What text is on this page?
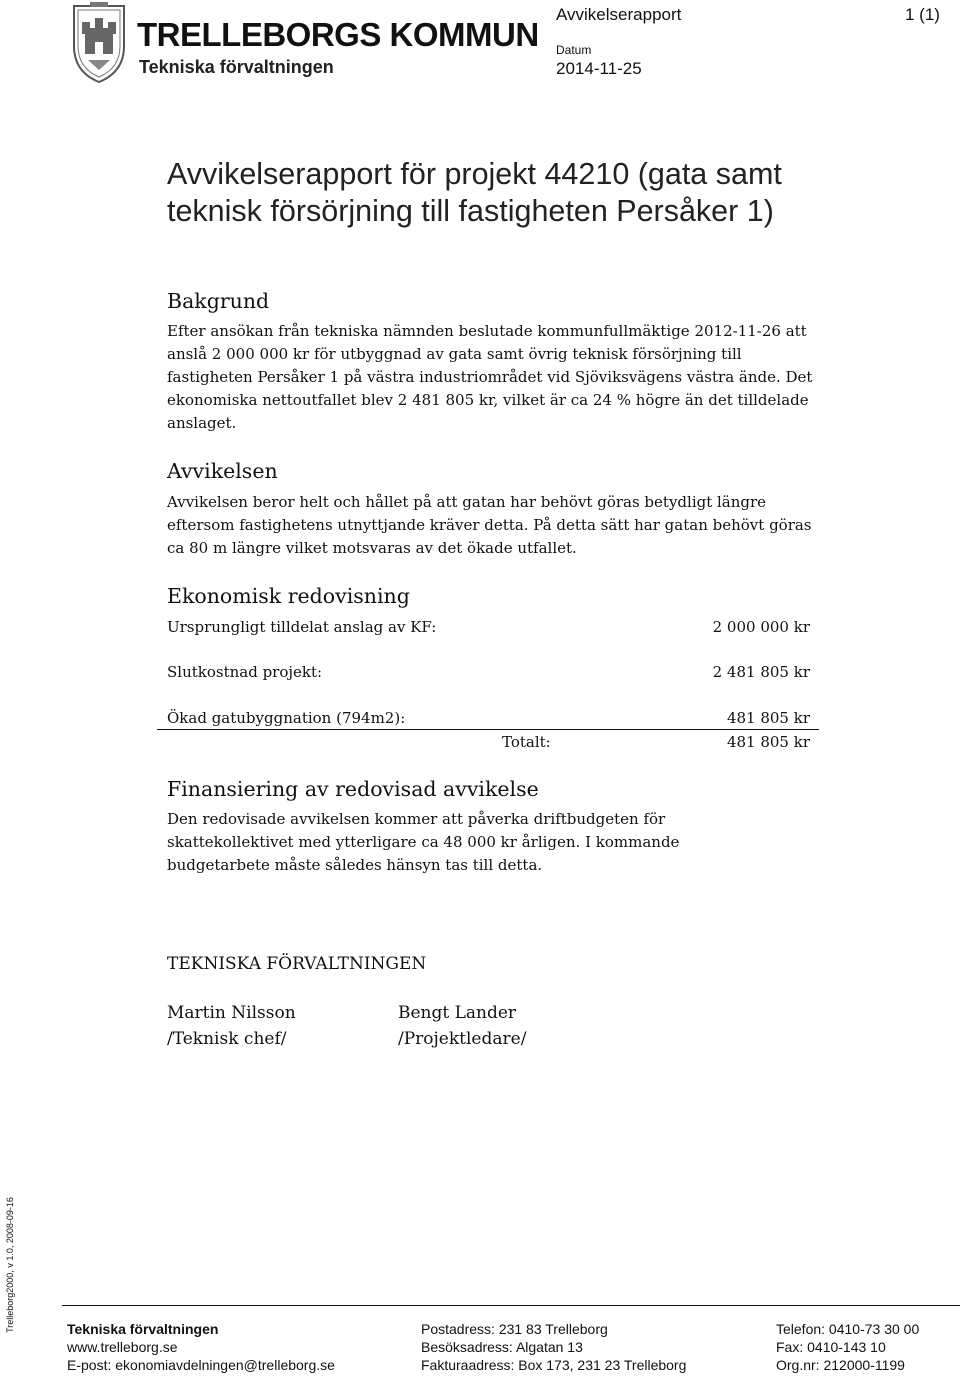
TRELLEBORGS KOMMUN
Tekniska förvaltningen
Avvikelserapport	1 (1)
Datum
2014-11-25
Avvikelserapport för projekt 44210 (gata samt teknisk försörjning till fastigheten Persåker 1)
Bakgrund

Efter ansökan från tekniska nämnden beslutade kommunfullmäktige 2012-11-26 att anslå 2 000 000 kr för utbyggnad av gata samt övrig teknisk försörjning till fastigheten Persåker 1 på västra industriområdet vid Sjöviksvägens västra ände. Det ekonomiska nettoutfallet blev 2 481 805 kr, vilket är ca 24 % högre än det tilldelade anslaget.

Avvikelsen

Avvikelsen beror helt och hållet på att gatan har behövt göras betydligt längre eftersom fastighetens utnyttjande kräver detta. På detta sätt har gatan behövt göras ca 80 m längre vilket motsvaras av det ökade utfallet.

Ekonomisk redovisning
Ursprungligt tilldelat anslag av KF:	2 000 000 kr
Slutkostnad projekt:	2 481 805 kr
Ökad gatubyggnation (794m2):	481 805 kr
Totalt:	481 805 kr
Finansiering av redovisad avvikelse

Den redovisade avvikelsen kommer att påverka driftbudgeten för skattekollektivet med ytterligare ca 48 000 kr årligen. I kommande budgetarbete måste således hänsyn tas till detta.

TEKNISKA FÖRVALTNINGEN
Martin Nilsson
/Teknisk chef/
Bengt Lander
/Projektledare/
Trelleborg2000, v 1.0, 2008-09-16	Tekniska förvaltningen
www.trelleborg.se
E-post: ekonomiavdelningen@trelleborg.se
Postadress: 231 83 Trelleborg
Besöksadress: Algatan 13
Fakturaadress: Box 173, 231 23 Trelleborg
Telefon: 0410-73 30 00
Fax: 0410-143 10
Org.nr: 212000-1199
